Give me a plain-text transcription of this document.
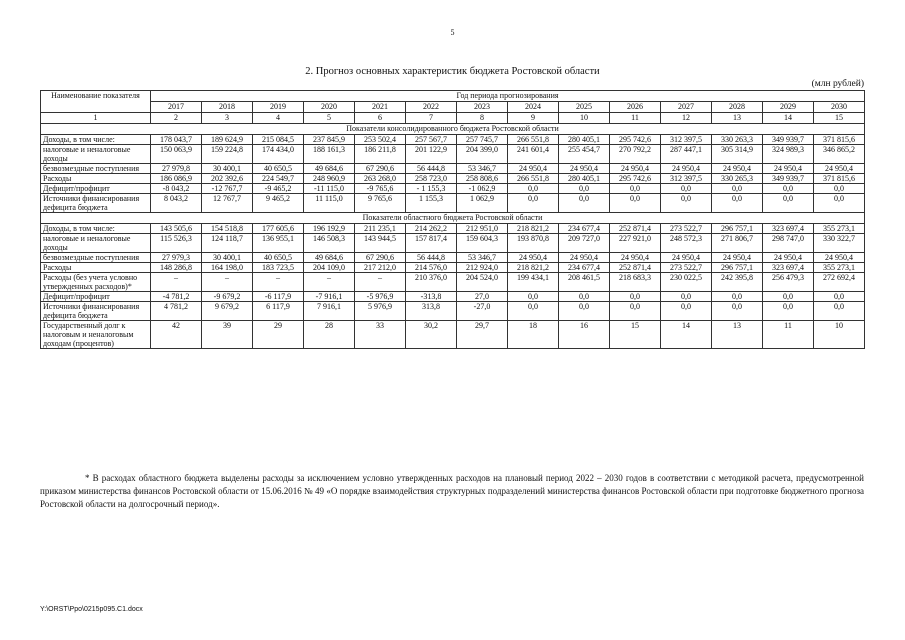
5
2. Прогноз основных характеристик бюджета Ростовской области
(млн рублей)
Наименование показателя	Год периода прогнозирования													
	2017	2018	2019	2020	2021	2022	2023	2024	2025	2026	2027	2028	2029	2030
1	2	3	4	5	6	7	8	9	10	11	12	13	14	15
Показатели консолидированного бюджета Ростовской области														
Доходы, в том числе:	178 043,7	189 624,9	215 084,5	237 845,9	253 502,4	257 567,7	257 745,7	266 551,8	280 405,1	295 742,6	312 397,5	330 263,3	349 939,7	371 815,6
налоговые и неналоговые доходы	150 063,9	159 224,8	174 434,0	188 161,3	186 211,8	201 122,9	204 399,0	241 601,4	255 454,7	270 792,2	287 447,1	305 314,9	324 989,3	346 865,2
безвозмездные поступления	27 979,8	30 400,1	40 650,5	49 684,6	67 290,6	56 444,8	53 346,7	24 950,4	24 950,4	24 950,4	24 950,4	24 950,4	24 950,4	24 950,4
Расходы	186 086,9	202 392,6	224 549,7	248 960,9	263 268,0	258 723,0	258 808,6	266 551,8	280 405,1	295 742,6	312 397,5	330 265,3	349 939,7	371 815,6
Дефицит/профицит	-8 043,2	-12 767,7	-9 465,2	-11 115,0	-9 765,6	- 1 155,3	-1 062,9	0,0	0,0	0,0	0,0	0,0	0,0	0,0
Источники финансирования дефицита бюджета	8 043,2	12 767,7	9 465,2	11 115,0	9 765,6	1 155,3	1 062,9	0,0	0,0	0,0	0,0	0,0	0,0	0,0
Показатели областного бюджета Ростовской области														
Доходы, в том числе:	143 505,6	154 518,8	177 605,6	196 192,9	211 235,1	214 262,2	212 951,0	218 821,2	234 677,4	252 871,4	273 522,7	296 757,1	323 697,4	355 273,1
налоговые и неналоговые доходы	115 526,3	124 118,7	136 955,1	146 508,3	143 944,5	157 817,4	159 604,3	193 870,8	209 727,0	227 921,0	248 572,3	271 806,7	298 747,0	330 322,7
безвозмездные поступления	27 979,3	30 400,1	40 650,5	49 684,6	67 290,6	56 444,8	53 346,7	24 950,4	24 950,4	24 950,4	24 950,4	24 950,4	24 950,4	24 950,4
Расходы	148 286,8	164 198,0	183 723,5	204 109,0	217 212,0	214 576,0	212 924,0	218 821,2	234 677,4	252 871,4	273 522,7	296 757,1	323 697,4	355 273,1
Расходы (без учета условно утвержденных расходов)*	–	–	–	–	–	210 376,0	204 524,0	199 434,1	208 461,5	218 683,3	230 022,5	242 395,8	256 479,3	272 692,4
Дефицит/профицит	-4 781,2	-9 679,2	-6 117,9	-7 916,1	-5 976,9	-313,8	27,0	0,0	0,0	0,0	0,0	0,0	0,0	0,0
Источники финансирования дефицита бюджета	4 781,2	9 679,2	6 117,9	7 916,1	5 976,9	313,8	-27,0	0,0	0,0	0,0	0,0	0,0	0,0	0,0
Государственный долг к налоговым и неналоговым доходам (процентов)	42	39	29	28	33	30,2	29,7	18	16	15	14	13	11	10
* В расходах областного бюджета выделены расходы за исключением условно утвержденных расходов на плановый период 2022 – 2030 годов в соответствии с методикой расчета, предусмотренной приказом министерства финансов Ростовской области от 15.06.2016 № 49 «О порядке взаимодействия структурных подразделений министерства финансов Ростовской области при подготовке бюджетного прогноза Ростовской области на долгосрочный период».
Y:\ORST\Ppo\0215p095.C1.docx
